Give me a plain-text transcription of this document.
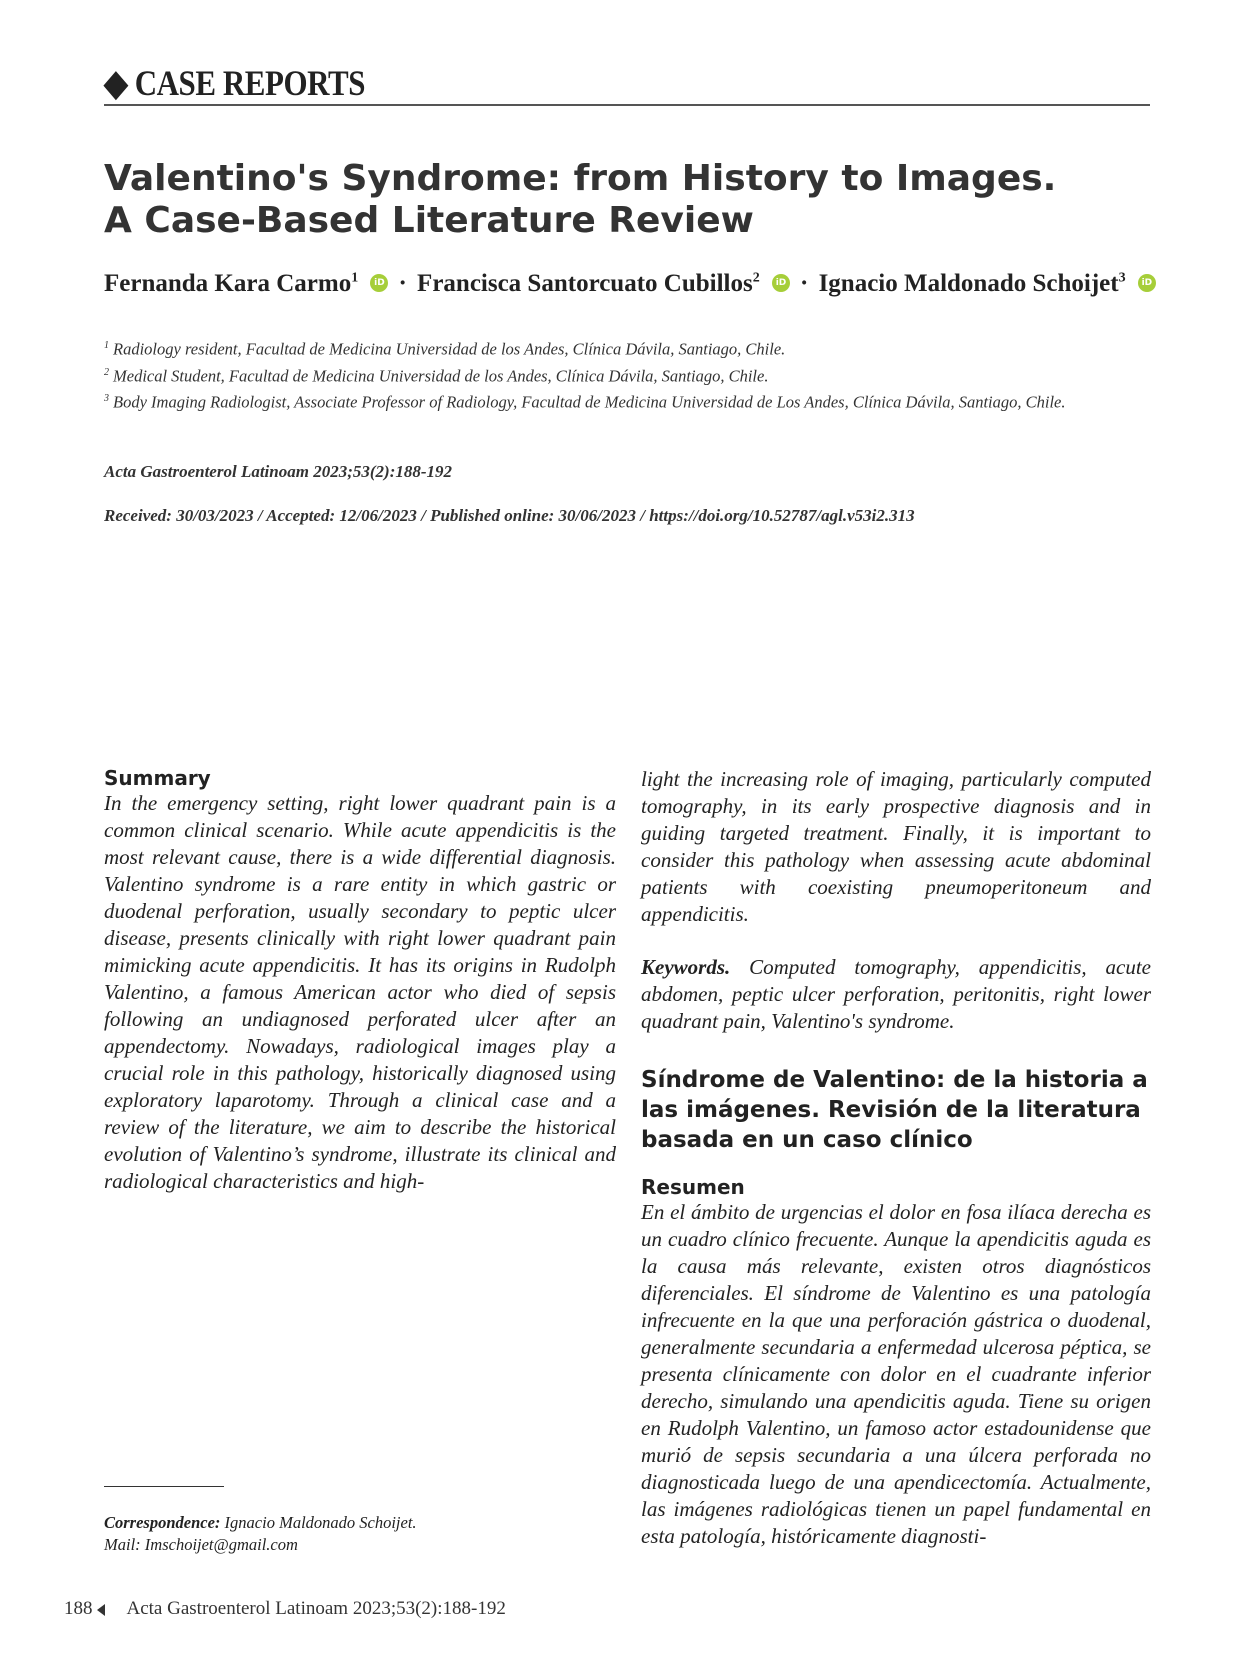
◆ CASE REPORTS
Valentino's Syndrome: from History to Images.
A Case-Based Literature Review
Fernanda Kara Carmo$^1$ iD · Francisca Santorcuato Cubillos$^2$ iD · Ignacio Maldonado Schoijet$^3$ iD
$^1$ Radiology resident, Facultad de Medicina Universidad de los Andes, Clínica Dávila, Santiago, Chile.
$^2$ Medical Student, Facultad de Medicina Universidad de los Andes, Clínica Dávila, Santiago, Chile.
$^3$ Body Imaging Radiologist, Associate Professor of Radiology, Facultad de Medicina Universidad de Los Andes, Clínica Dávila, Santiago, Chile.
Acta Gastroenterol Latinoam 2023;53(2):188-192
Received: 30/03/2023 / Accepted: 12/06/2023 / Published online: 30/06/2023 / https://doi.org/10.52787/agl.v53i2.313
Summary
In the emergency setting, right lower quadrant pain is a common clinical scenario. While acute appendicitis is the most relevant cause, there is a wide differential diagnosis. Valentino syndrome is a rare entity in which gastric or duodenal perforation, usually secondary to peptic ulcer disease, presents clinically with right lower quadrant pain mimicking acute appendicitis. It has its origins in Rudolph Valentino, a famous American actor who died of sepsis following an undiagnosed perforated ulcer after an appendectomy. Nowadays, radiological images play a crucial role in this pathology, historically diagnosed using exploratory laparotomy. Through a clinical case and a review of the literature, we aim to describe the historical evolution of Valentino’s syndrome, illustrate its clinical and radiological characteristics and high-
light the increasing role of imaging, particularly computed tomography, in its early prospective diagnosis and in guiding targeted treatment. Finally, it is important to consider this pathology when assessing acute abdominal patients with coexisting pneumoperitoneum and appendicitis.
Keywords. Computed tomography, appendicitis, acute abdomen, peptic ulcer perforation, peritonitis, right lower quadrant pain, Valentino's syndrome.
Síndrome de Valentino: de la historia a las imágenes. Revisión de la literatura basada en un caso clínico
Resumen
En el ámbito de urgencias el dolor en fosa ilíaca derecha es un cuadro clínico frecuente. Aunque la apendicitis aguda es la causa más relevante, existen otros diagnósticos diferenciales. El síndrome de Valentino es una patología infrecuente en la que una perforación gástrica o duodenal, generalmente secundaria a enfermedad ulcerosa péptica, se presenta clínicamente con dolor en el cuadrante inferior derecho, simulando una apendicitis aguda. Tiene su origen en Rudolph Valentino, un famoso actor estadounidense que murió de sepsis secundaria a una úlcera perforada no diagnosticada luego de una apendicectomía. Actualmente, las imágenes radiológicas tienen un papel fundamental en esta patología, históricamente diagnosti-
Correspondence: Ignacio Maldonado Schoijet.
Mail: Imschoijet@gmail.com
188 Acta Gastroenterol Latinoam 2023;53(2):188-192
